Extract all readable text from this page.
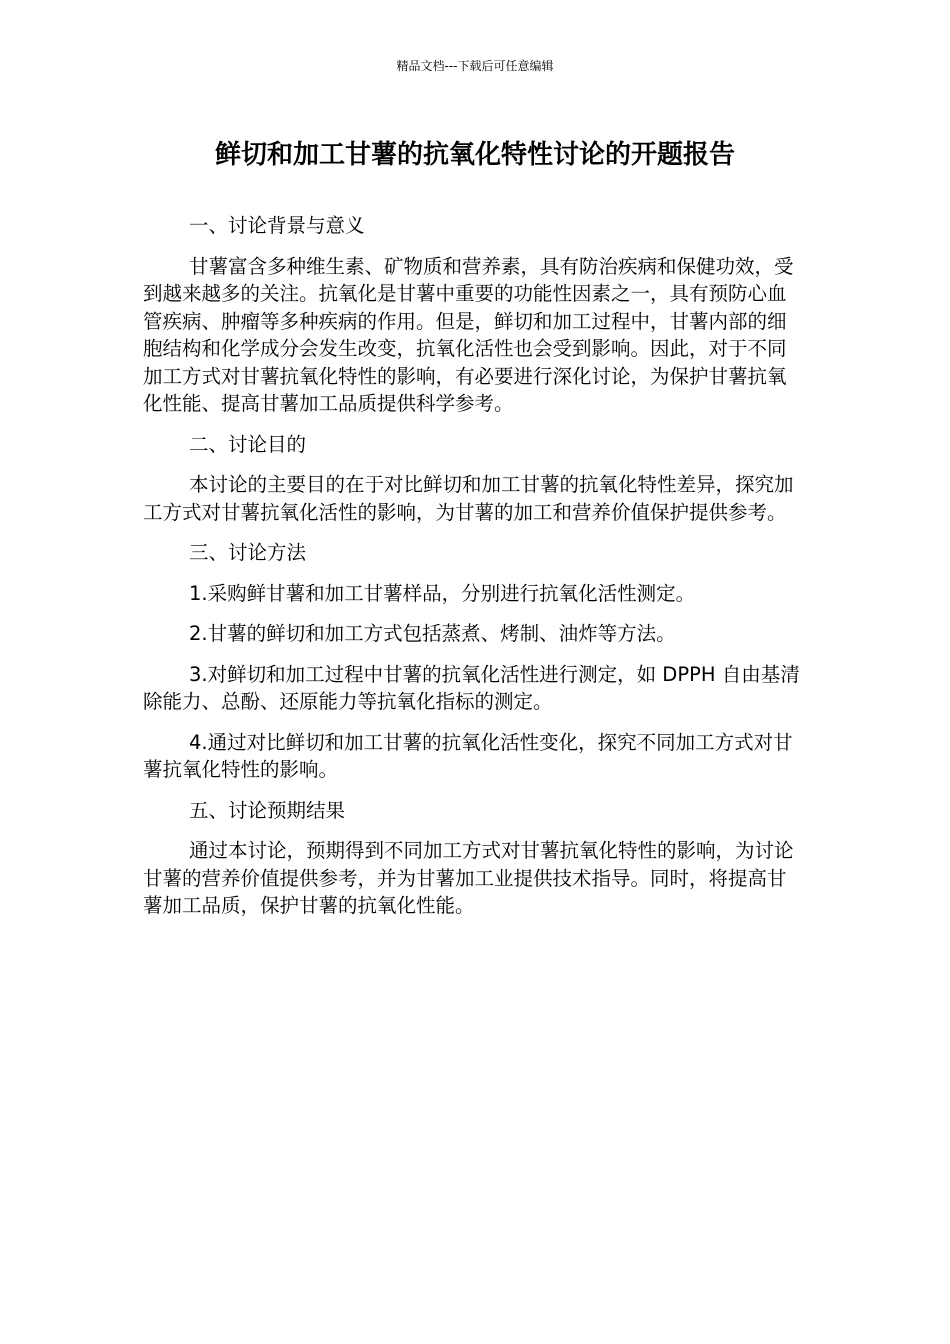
精品文档---下载后可任意编辑
鲜切和加工甘薯的抗氧化特性讨论的开题报告

一、讨论背景与意义

甘薯富含多种维生素、矿物质和营养素，具有防治疾病和保健功效，受到越来越多的关注。抗氧化是甘薯中重要的功能性因素之一，具有预防心血管疾病、肿瘤等多种疾病的作用。但是，鲜切和加工过程中，甘薯内部的细胞结构和化学成分会发生改变，抗氧化活性也会受到影响。因此，对于不同加工方式对甘薯抗氧化特性的影响，有必要进行深化讨论，为保护甘薯抗氧化性能、提高甘薯加工品质提供科学参考。

二、讨论目的

本讨论的主要目的在于对比鲜切和加工甘薯的抗氧化特性差异，探究加工方式对甘薯抗氧化活性的影响，为甘薯的加工和营养价值保护提供参考。

三、讨论方法

1.采购鲜甘薯和加工甘薯样品，分别进行抗氧化活性测定。

2.甘薯的鲜切和加工方式包括蒸煮、烤制、油炸等方法。

3.对鲜切和加工过程中甘薯的抗氧化活性进行测定，如 DPPH 自由基清除能力、总酚、还原能力等抗氧化指标的测定。

4.通过对比鲜切和加工甘薯的抗氧化活性变化，探究不同加工方式对甘薯抗氧化特性的影响。

五、讨论预期结果

通过本讨论，预期得到不同加工方式对甘薯抗氧化特性的影响，为讨论甘薯的营养价值提供参考，并为甘薯加工业提供技术指导。同时，将提高甘薯加工品质，保护甘薯的抗氧化性能。
